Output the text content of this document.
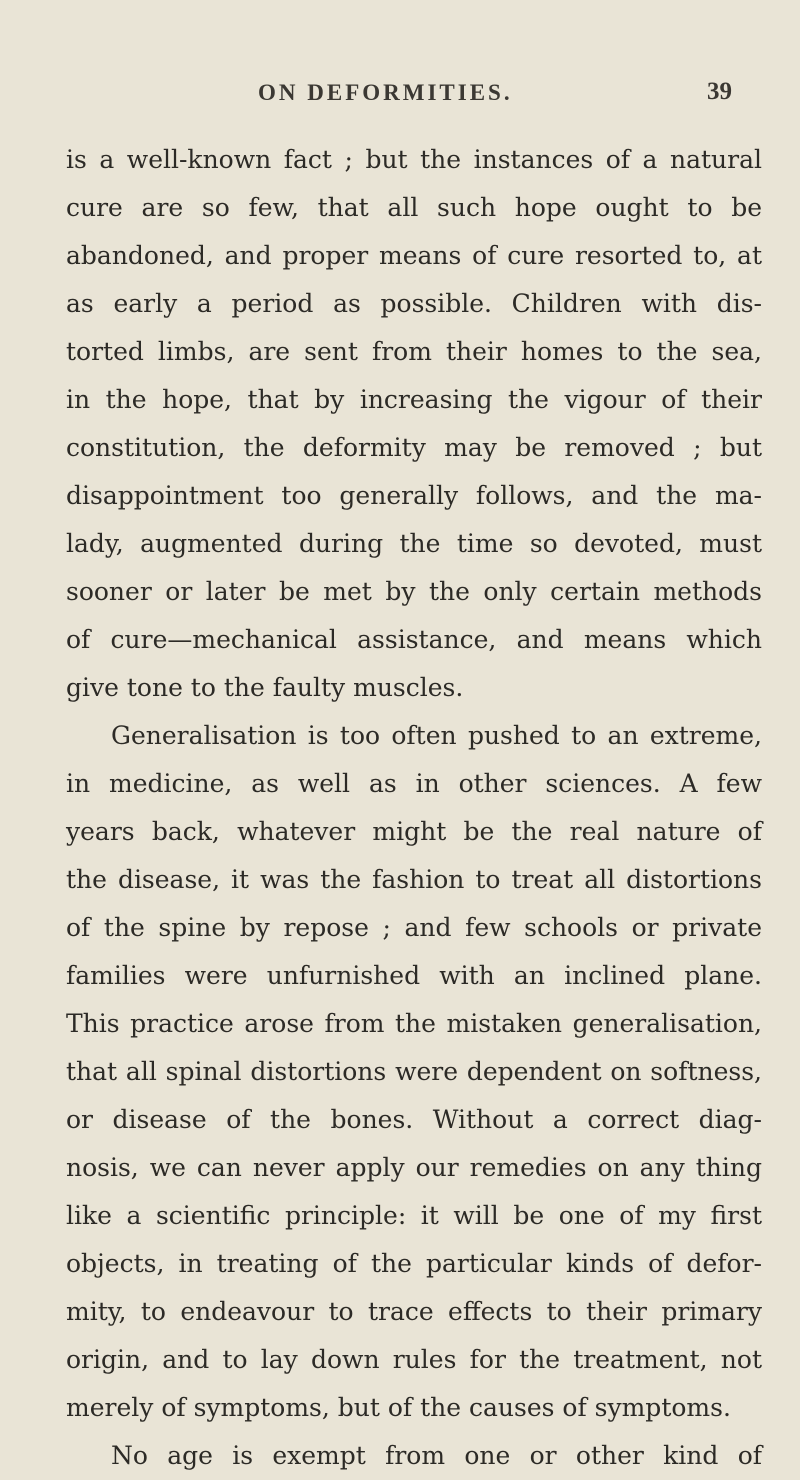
ON DEFORMITIES.	39
is a well-known fact ; but the instances of a natural
cure are so few, that all such hope ought to be
abandoned, and proper means of cure resorted to, at
as early a period as possible. Children with dis-
torted limbs, are sent from their homes to the sea,
in the hope, that by increasing the vigour of their
constitution, the deformity may be removed ; but
disappointment too generally follows, and the ma-
lady, augmented during the time so devoted, must
sooner or later be met by the only certain methods
of cure—mechanical assistance, and means which
give tone to the faulty muscles.
Generalisation is too often pushed to an extreme,
in medicine, as well as in other sciences. A few
years back, whatever might be the real nature of
the disease, it was the fashion to treat all distortions
of the spine by repose ; and few schools or private
families were unfurnished with an inclined plane.
This practice arose from the mistaken generalisation,
that all spinal distortions were dependent on softness,
or disease of the bones. Without a correct diag-
nosis, we can never apply our remedies on any thing
like a scientific principle: it will be one of my first
objects, in treating of the particular kinds of defor-
mity, to endeavour to trace effects to their primary
origin, and to lay down rules for the treatment, not
merely of symptoms, but of the causes of symptoms.
No age is exempt from one or other kind of
